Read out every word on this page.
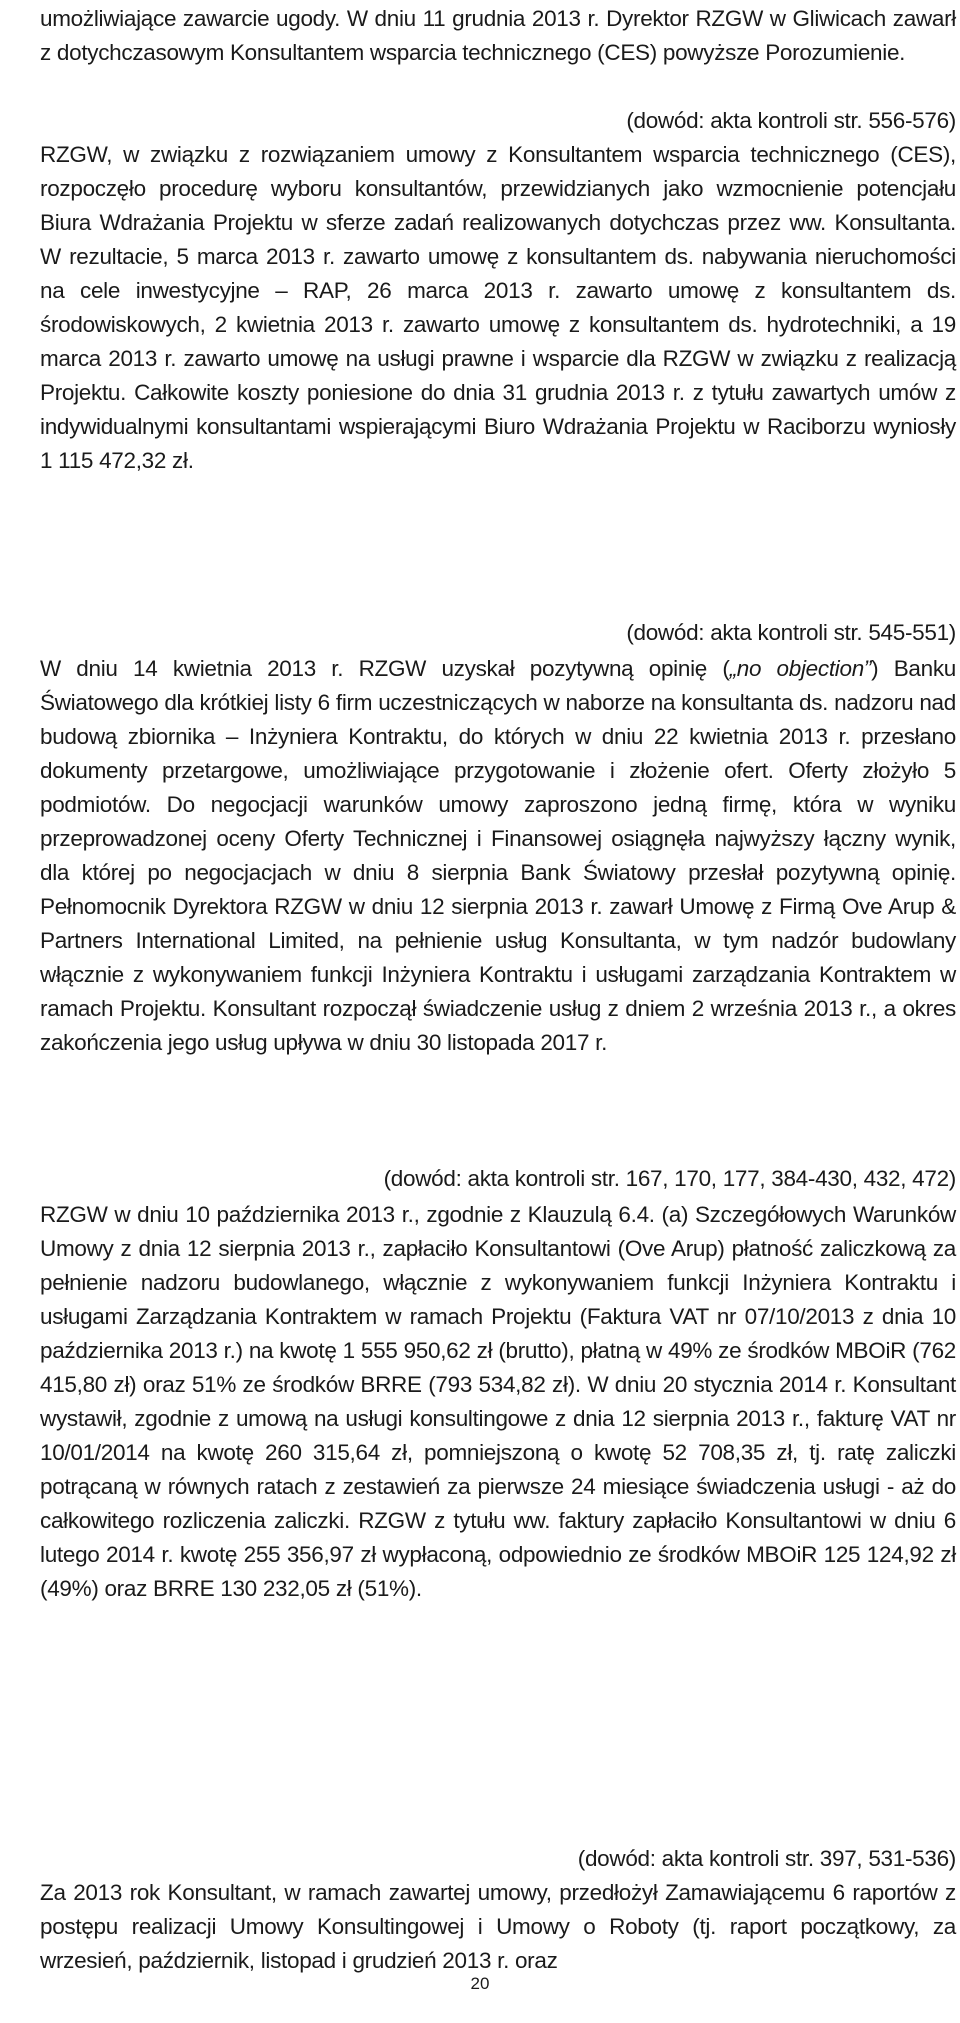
umożliwiające zawarcie ugody. W dniu 11 grudnia 2013 r. Dyrektor RZGW w Gliwicach zawarł z dotychczasowym Konsultantem wsparcia technicznego (CES) powyższe Porozumienie.

(dowód: akta kontroli str. 556-576)

RZGW, w związku z rozwiązaniem umowy z Konsultantem wsparcia technicznego (CES), rozpoczęło procedurę wyboru konsultantów, przewidzianych jako wzmocnienie potencjału Biura Wdrażania Projektu w sferze zadań realizowanych dotychczas przez ww. Konsultanta. W rezultacie, 5 marca 2013 r. zawarto umowę z konsultantem ds. nabywania nieruchomości na cele inwestycyjne – RAP, 26 marca 2013 r. zawarto umowę z konsultantem ds. środowiskowych, 2 kwietnia 2013 r. zawarto umowę z konsultantem ds. hydrotechniki, a 19 marca 2013 r. zawarto umowę na usługi prawne i wsparcie dla RZGW w związku z realizacją Projektu. Całkowite koszty poniesione do dnia 31 grudnia 2013 r. z tytułu zawartych umów z indywidualnymi konsultantami wspierającymi Biuro Wdrażania Projektu w Raciborzu wyniosły 1 115 472,32 zł.

(dowód: akta kontroli str. 545-551)

W dniu 14 kwietnia 2013 r. RZGW uzyskał pozytywną opinię („no objection”) Banku Światowego dla krótkiej listy 6 firm uczestniczących w naborze na konsultanta ds. nadzoru nad budową zbiornika – Inżyniera Kontraktu, do których w dniu 22 kwietnia 2013 r. przesłano dokumenty przetargowe, umożliwiające przygotowanie i złożenie ofert. Oferty złożyło 5 podmiotów. Do negocjacji warunków umowy zaproszono jedną firmę, która w wyniku przeprowadzonej oceny Oferty Technicznej i Finansowej osiągnęła najwyższy łączny wynik, dla której po negocjacjach w dniu 8 sierpnia Bank Światowy przesłał pozytywną opinię. Pełnomocnik Dyrektora RZGW w dniu 12 sierpnia 2013 r. zawarł Umowę z Firmą Ove Arup & Partners International Limited, na pełnienie usług Konsultanta, w tym nadzór budowlany włącznie z wykonywaniem funkcji Inżyniera Kontraktu i usługami zarządzania Kontraktem w ramach Projektu. Konsultant rozpoczął świadczenie usług z dniem 2 września 2013 r., a okres zakończenia jego usług upływa w dniu 30 listopada 2017 r.

(dowód: akta kontroli str. 167, 170, 177, 384-430, 432, 472)

RZGW w dniu 10 października 2013 r., zgodnie z Klauzulą 6.4. (a) Szczegółowych Warunków Umowy z dnia 12 sierpnia 2013 r., zapłaciło Konsultantowi (Ove Arup) płatność zaliczkową za pełnienie nadzoru budowlanego, włącznie z wykonywaniem funkcji Inżyniera Kontraktu i usługami Zarządzania Kontraktem w ramach Projektu (Faktura VAT nr 07/10/2013 z dnia 10 października 2013 r.) na kwotę 1 555 950,62 zł (brutto), płatną w 49% ze środków MBOiR (762 415,80 zł) oraz 51% ze środków BRRE (793 534,82 zł). W dniu 20 stycznia 2014 r. Konsultant wystawił, zgodnie z umową na usługi konsultingowe z dnia 12 sierpnia 2013 r., fakturę VAT nr 10/01/2014 na kwotę 260 315,64 zł, pomniejszoną o kwotę 52 708,35 zł, tj. ratę zaliczki potrącaną w równych ratach z zestawień za pierwsze 24 miesiące świadczenia usługi - aż do całkowitego rozliczenia zaliczki. RZGW z tytułu ww. faktury zapłaciło Konsultantowi w dniu 6 lutego 2014 r. kwotę 255 356,97 zł wypłaconą, odpowiednio ze środków MBOiR 125 124,92 zł (49%) oraz BRRE 130 232,05 zł (51%).

(dowód: akta kontroli str. 397, 531-536)

Za 2013 rok Konsultant, w ramach zawartej umowy, przedłożył Zamawiającemu 6 raportów z postępu realizacji Umowy Konsultingowej i Umowy o Roboty (tj. raport początkowy, za wrzesień, październik, listopad i grudzień 2013 r. oraz

20
